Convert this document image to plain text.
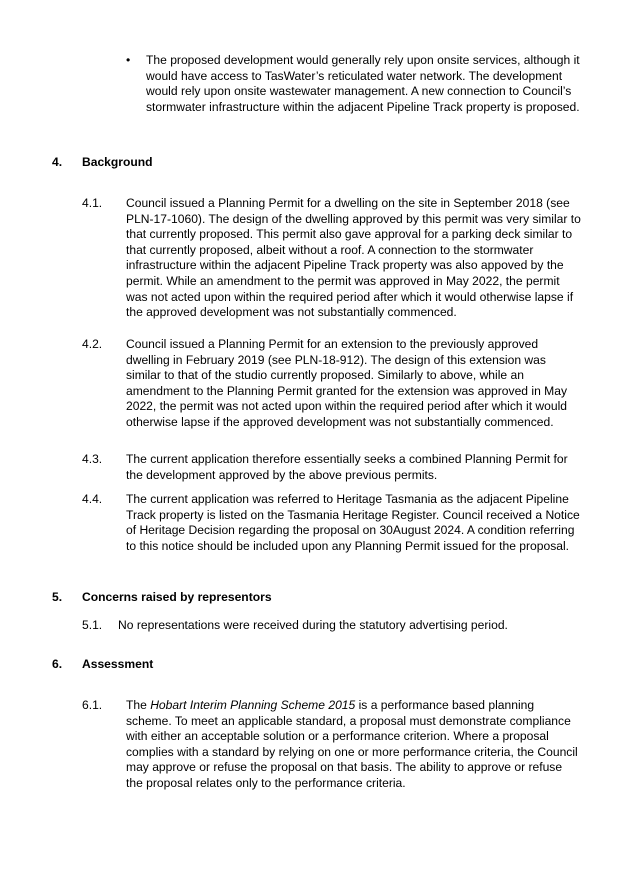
• The proposed development would generally rely upon onsite services, although it would have access to TasWater’s reticulated water network. The development would rely upon onsite wastewater management. A new connection to Council’s stormwater infrastructure within the adjacent Pipeline Track property is proposed.

4. Background
4.1. Council issued a Planning Permit for a dwelling on the site in September 2018 (see PLN-17-1060). The design of the dwelling approved by this permit was very similar to that currently proposed. This permit also gave approval for a parking deck similar to that currently proposed, albeit without a roof. A connection to the stormwater infrastructure within the adjacent Pipeline Track property was also appoved by the permit. While an amendment to the permit was approved in May 2022, the permit was not acted upon within the required period after which it would otherwise lapse if the approved development was not substantially commenced.

4.2. Council issued a Planning Permit for an extension to the previously approved dwelling in February 2019 (see PLN-18-912). The design of this extension was similar to that of the studio currently proposed. Similarly to above, while an amendment to the Planning Permit granted for the extension was approved in May 2022, the permit was not acted upon within the required period after which it would otherwise lapse if the approved development was not substantially commenced.

4.3. The current application therefore essentially seeks a combined Planning Permit for the development approved by the above previous permits.

4.4. The current application was referred to Heritage Tasmania as the adjacent Pipeline Track property is listed on the Tasmania Heritage Register. Council received a Notice of Heritage Decision regarding the proposal on 30August 2024. A condition referring to this notice should be included upon any Planning Permit issued for the proposal.

5. Concerns raised by representors
5.1. No representations were received during the statutory advertising period.

6. Assessment
6.1. The Hobart Interim Planning Scheme 2015 is a performance based planning scheme. To meet an applicable standard, a proposal must demonstrate compliance with either an acceptable solution or a performance criterion. Where a proposal complies with a standard by relying on one or more performance criteria, the Council may approve or refuse the proposal on that basis. The ability to approve or refuse the proposal relates only to the performance criteria.
